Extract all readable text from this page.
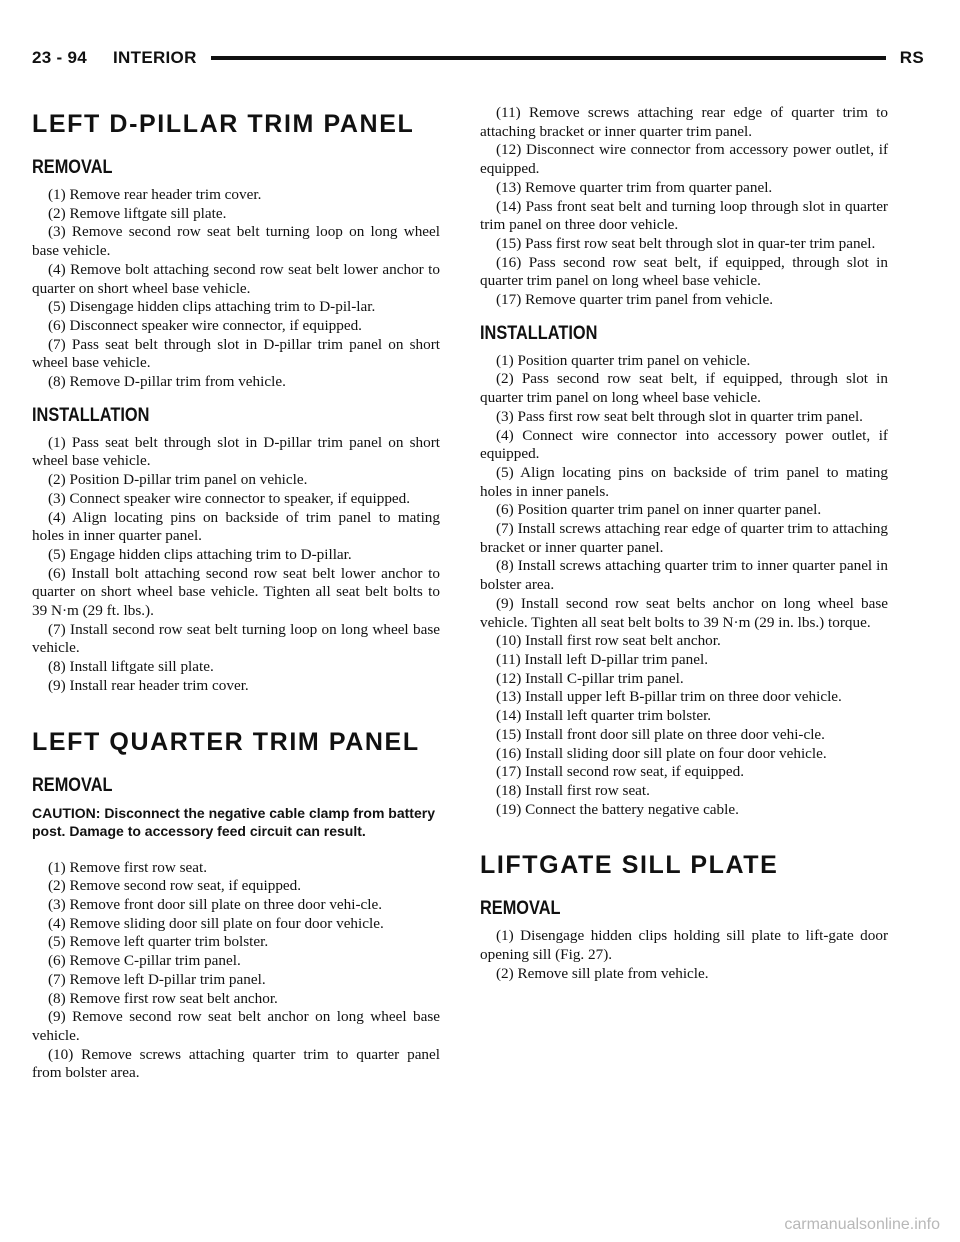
23 - 94 INTERIOR	RS
LEFT D-PILLAR TRIM PANEL
REMOVAL

(1) Remove rear header trim cover.

(2) Remove liftgate sill plate.

(3) Remove second row seat belt turning loop on long wheel base vehicle.

(4) Remove bolt attaching second row seat belt lower anchor to quarter on short wheel base vehicle.

(5) Disengage hidden clips attaching trim to D-pil-lar.

(6) Disconnect speaker wire connector, if equipped.

(7) Pass seat belt through slot in D-pillar trim panel on short wheel base vehicle.

(8) Remove D-pillar trim from vehicle.

INSTALLATION

(1) Pass seat belt through slot in D-pillar trim panel on short wheel base vehicle.

(2) Position D-pillar trim panel on vehicle.

(3) Connect speaker wire connector to speaker, if equipped.

(4) Align locating pins on backside of trim panel to mating holes in inner quarter panel.

(5) Engage hidden clips attaching trim to D-pillar.

(6) Install bolt attaching second row seat belt lower anchor to quarter on short wheel base vehicle. Tighten all seat belt bolts to 39 N·m (29 ft. lbs.).

(7) Install second row seat belt turning loop on long wheel base vehicle.

(8) Install liftgate sill plate.

(9) Install rear header trim cover.

LEFT QUARTER TRIM PANEL
REMOVAL
CAUTION: Disconnect the negative cable clamp from battery post. Damage to accessory feed circuit can result.

(1) Remove first row seat.

(2) Remove second row seat, if equipped.

(3) Remove front door sill plate on three door vehi-cle.

(4) Remove sliding door sill plate on four door vehicle.

(5) Remove left quarter trim bolster.

(6) Remove C-pillar trim panel.

(7) Remove left D-pillar trim panel.

(8) Remove first row seat belt anchor.

(9) Remove second row seat belt anchor on long wheel base vehicle.

(10) Remove screws attaching quarter trim to quarter panel from bolster area.

(11) Remove screws attaching rear edge of quarter trim to attaching bracket or inner quarter trim panel.

(12) Disconnect wire connector from accessory power outlet, if equipped.

(13) Remove quarter trim from quarter panel.

(14) Pass front seat belt and turning loop through slot in quarter trim panel on three door vehicle.

(15) Pass first row seat belt through slot in quar-ter trim panel.

(16) Pass second row seat belt, if equipped, through slot in quarter trim panel on long wheel base vehicle.

(17) Remove quarter trim panel from vehicle.

INSTALLATION

(1) Position quarter trim panel on vehicle.

(2) Pass second row seat belt, if equipped, through slot in quarter trim panel on long wheel base vehicle.

(3) Pass first row seat belt through slot in quarter trim panel.

(4) Connect wire connector into accessory power outlet, if equipped.

(5) Align locating pins on backside of trim panel to mating holes in inner panels.

(6) Position quarter trim panel on inner quarter panel.

(7) Install screws attaching rear edge of quarter trim to attaching bracket or inner quarter panel.

(8) Install screws attaching quarter trim to inner quarter panel in bolster area.

(9) Install second row seat belts anchor on long wheel base vehicle. Tighten all seat belt bolts to 39 N·m (29 in. lbs.) torque.

(10) Install first row seat belt anchor.

(11) Install left D-pillar trim panel.

(12) Install C-pillar trim panel.

(13) Install upper left B-pillar trim on three door vehicle.

(14) Install left quarter trim bolster.

(15) Install front door sill plate on three door vehi-cle.

(16) Install sliding door sill plate on four door vehicle.

(17) Install second row seat, if equipped.

(18) Install first row seat.

(19) Connect the battery negative cable.

LIFTGATE SILL PLATE
REMOVAL

(1) Disengage hidden clips holding sill plate to lift-gate door opening sill (Fig. 27).

(2) Remove sill plate from vehicle.

carmanualsonline.info
